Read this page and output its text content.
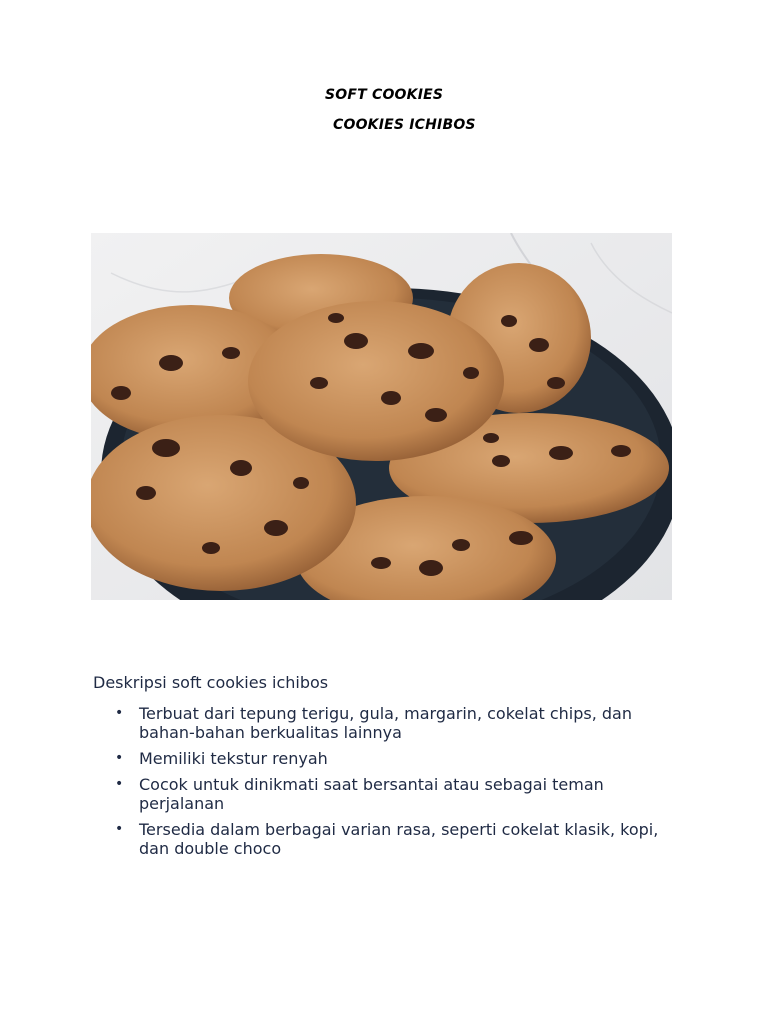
SOFT COOKIES
COOKIES ICHIBOS
Deskripsi soft cookies ichibos
• Terbuat dari tepung terigu, gula, margarin, cokelat chips, dan bahan-bahan berkualitas lainnya
• Memiliki tekstur renyah
• Cocok untuk dinikmati saat bersantai atau sebagai teman perjalanan
• Tersedia dalam berbagai varian rasa, seperti cokelat klasik, kopi, dan double choco
